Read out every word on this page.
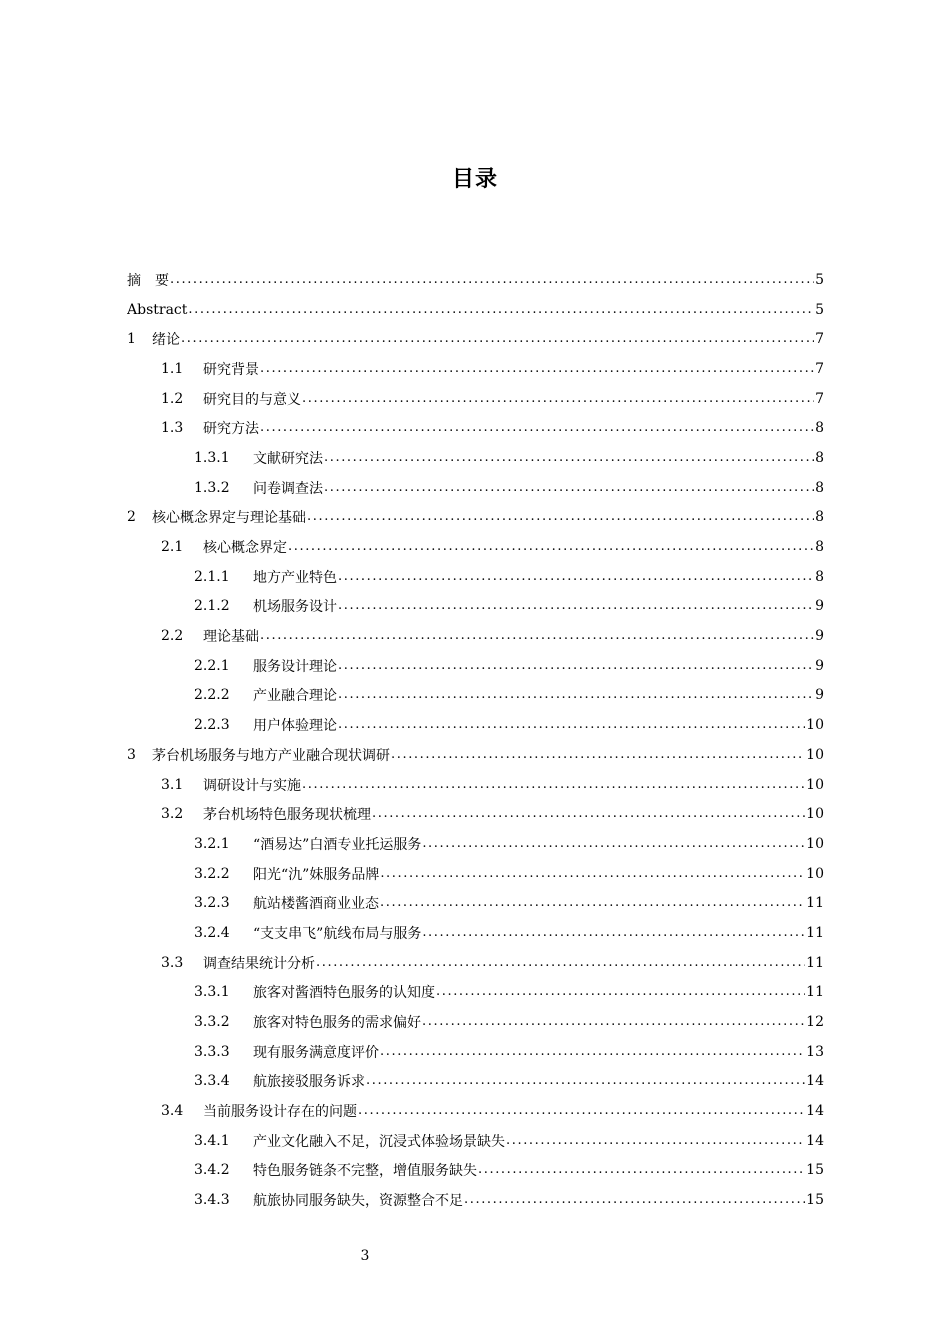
目录
摘　要 .....	5
Abstract .....	5
1	绪论 .....	7
1.1	研究背景 .....	7
1.2	研究目的与意义 .....	7
1.3	研究方法 .....	8
1.3.1	文献研究法 .....	8
1.3.2	问卷调查法 .....	8
2	核心概念界定与理论基础 .....	8
2.1	核心概念界定 .....	8
2.1.1	地方产业特色 .....	8
2.1.2	机场服务设计 .....	9
2.2	理论基础 .....	9
2.2.1	服务设计理论 .....	9
2.2.2	产业融合理论 .....	9
2.2.3	用户体验理论 .....	10
3	茅台机场服务与地方产业融合现状调研 .....	10
3.1	调研设计与实施 .....	10
3.2	茅台机场特色服务现状梳理 .....	10
3.2.1	“酒易达”白酒专业托运服务 .....	10
3.2.2	阳光“氿”妹服务品牌 .....	10
3.2.3	航站楼酱酒商业业态 .....	11
3.2.4	“支支串飞”航线布局与服务 .....	11
3.3	调查结果统计分析 .....	11
3.3.1	旅客对酱酒特色服务的认知度 .....	11
3.3.2	旅客对特色服务的需求偏好 .....	12
3.3.3	现有服务满意度评价 .....	13
3.3.4	航旅接驳服务诉求 .....	14
3.4	当前服务设计存在的问题 .....	14
3.4.1	产业文化融入不足，沉浸式体验场景缺失 .....	14
3.4.2	特色服务链条不完整，增值服务缺失 .....	15
3.4.3	航旅协同服务缺失，资源整合不足 .....	15
3
